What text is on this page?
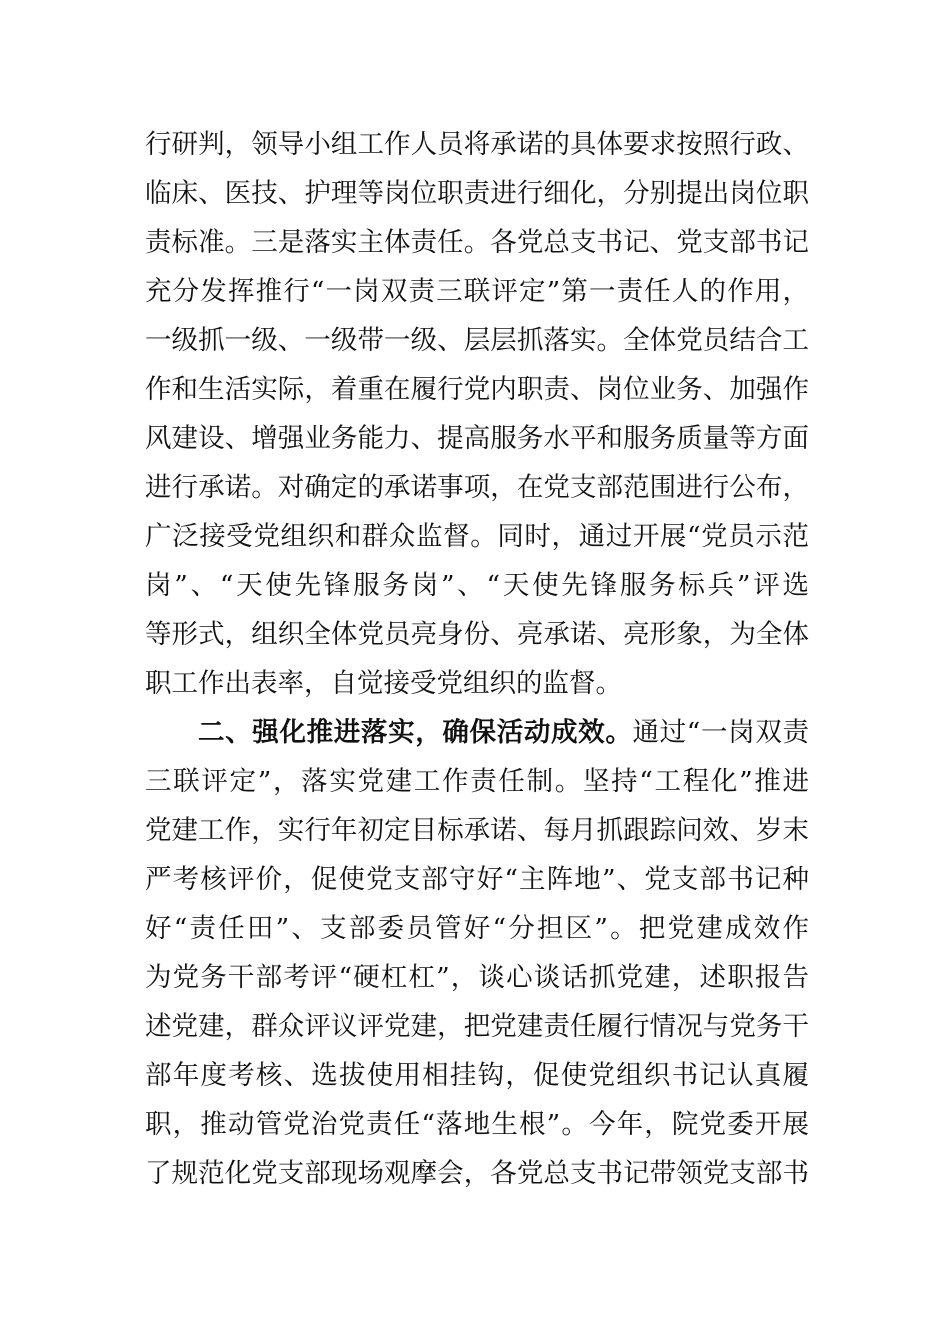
行研判，领导小组工作人员将承诺的具体要求按照行政、
临床、医技、护理等岗位职责进行细化，分别提出岗位职
责标准。三是落实主体责任。各党总支书记、党支部书记
充分发挥推行“一岗双责三联评定”第一责任人的作用，
一级抓一级、一级带一级、层层抓落实。全体党员结合工
作和生活实际，着重在履行党内职责、岗位业务、加强作
风建设、增强业务能力、提高服务水平和服务质量等方面
进行承诺。对确定的承诺事项，在党支部范围进行公布，
广泛接受党组织和群众监督。同时，通过开展“党员示范
岗”、“天使先锋服务岗”、“天使先锋服务标兵”评选
等形式，组织全体党员亮身份、亮承诺、亮形象，为全体
职工作出表率，自觉接受党组织的监督。
二、强化推进落实，确保活动成效。通过“一岗双责
三联评定”，落实党建工作责任制。坚持“工程化”推进
党建工作，实行年初定目标承诺、每月抓跟踪问效、岁末
严考核评价，促使党支部守好“主阵地”、党支部书记种
好“责任田”、支部委员管好“分担区”。把党建成效作
为党务干部考评“硬杠杠”，谈心谈话抓党建，述职报告
述党建，群众评议评党建，把党建责任履行情况与党务干
部年度考核、选拔使用相挂钩，促使党组织书记认真履
职，推动管党治党责任“落地生根”。今年，院党委开展
了规范化党支部现场观摩会，各党总支书记带领党支部书
